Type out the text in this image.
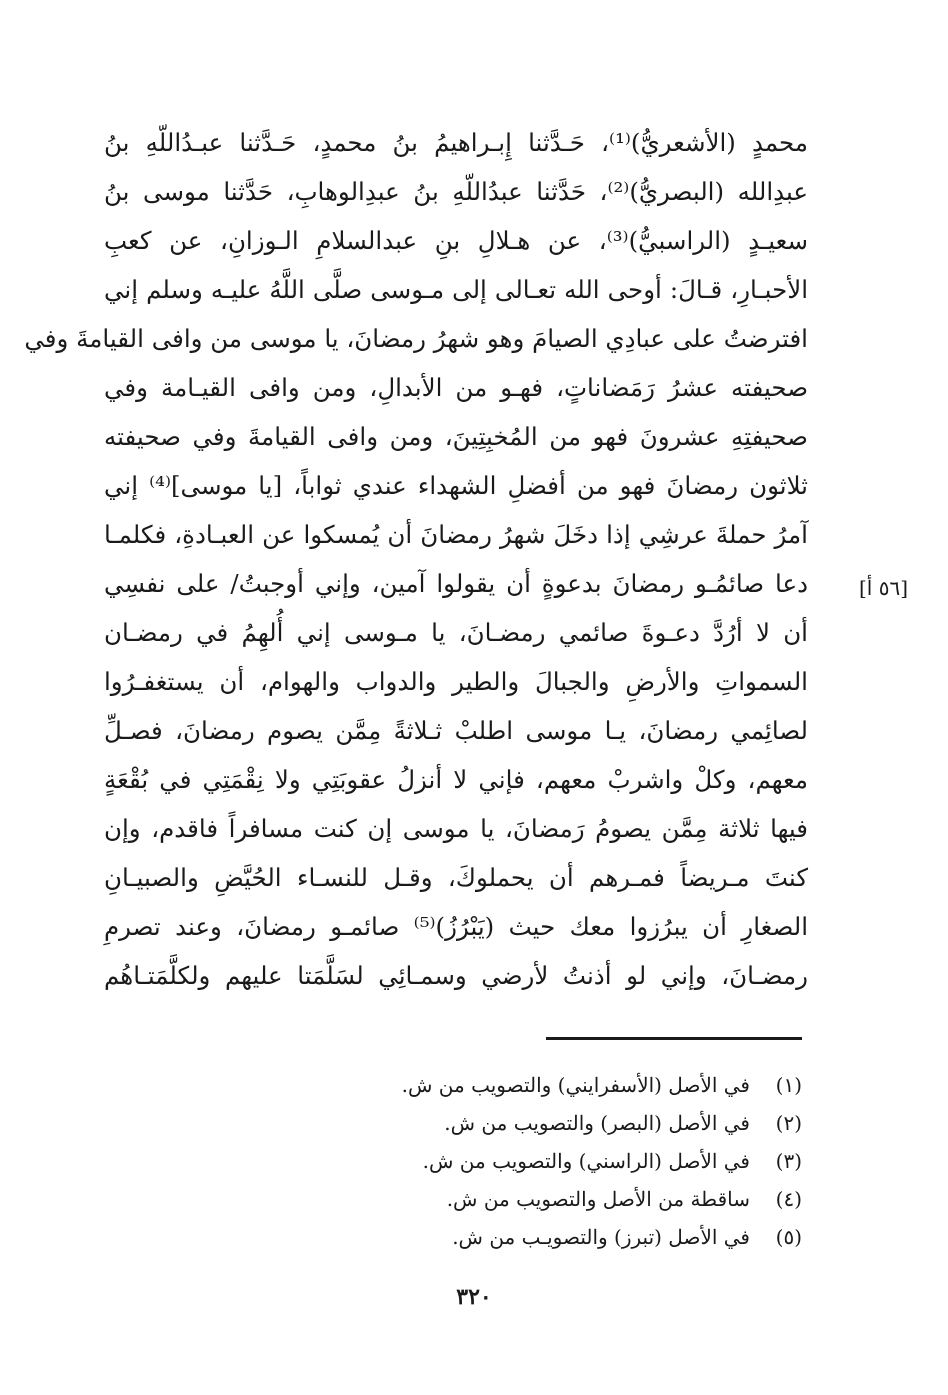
محمدٍ (الأشعريُّ)⁽¹⁾، حَـدَّثنا إِبـراهيمُ بنُ محمدٍ، حَـدَّثنا عبـدُاللّهِ بنُ
عبدِالله (البصريُّ)⁽²⁾، حَدَّثنا عبدُاللّهِ بنُ عبدِالوهابِ، حَدَّثنا موسى بنُ
سعيـدٍ (الراسبيُّ)⁽³⁾، عن هـلالِ بنِ عبدالسلامِ الـوزانِ، عن كعبِ
الأحبـارِ، قـالَ: أوحى الله تعـالى إلى مـوسى صلَّى اللَّهُ عليـه وسلم إني
افترضتُ على عبادِي الصيامَ وهو شهرُ رمضانَ، يا موسى من وافى القيامةَ وفي
صحيفته عشرُ رَمَضاناتٍ، فهـو من الأبدالِ، ومن وافى القيـامة وفي
صحيفتِهِ عشرونَ فهو من المُخبِتِينَ، ومن وافى القيامةَ وفي صحيفته
ثلاثون رمضانَ فهو من أفضلِ الشهداء عندي ثواباً، [يا موسى]⁽⁴⁾ إني
آمرُ حملةَ عرشِي إذا دخَلَ شهرُ رمضانَ أن يُمسكوا عن العبـادةِ، فكلمـا
دعا صائمُـو رمضانَ بدعوةٍ أن يقولوا آمين، وإني أوجبتُ/ على نفسِي
أن لا أرُدَّ دعـوةَ صائمي رمضـانَ، يا مـوسى إني أُلهِمُ في رمضـان
السمواتِ والأرضِ والجبالَ والطير والدواب والهوام، أن يستغفـرُوا
لصائِمي رمضانَ، يـا موسى اطلبْ ثـلاثةً مِمَّن يصوم رمضانَ، فصـلِّ
معهم، وكلْ واشربْ معهم، فإني لا أنزلُ عقوبَتِي ولا نِقْمَتِي في بُقْعَةٍ
فيها ثلاثة مِمَّن يصومُ رَمضانَ، يا موسى إن كنت مسافراً فاقدم، وإن
كنتَ مـريضاً فمـرهم أن يحملوكَ، وقـل للنسـاء الحُيَّضِ والصبيـانِ
الصغارِ أن يبرُزوا معك حيث (يَبْرُزُ)⁽⁵⁾ صائمـو رمضانَ، وعند تصرمِ
رمضـانَ، وإني لو أذنتُ لأرضي وسمـائِي لسَلَّمَتا عليهم ولكلَّمَتـاهُم
[٥٦ أ]
(١)
في الأصل (الأسفرايني) والتصويب من ش.
(٢)
في الأصل (البصر) والتصويب من ش.
(٣)
في الأصل (الراسني) والتصويب من ش.
(٤)
ساقطة من الأصل والتصويب من ش.
(٥)
في الأصل (تبرز) والتصويـب من ش.
٣٢٠
